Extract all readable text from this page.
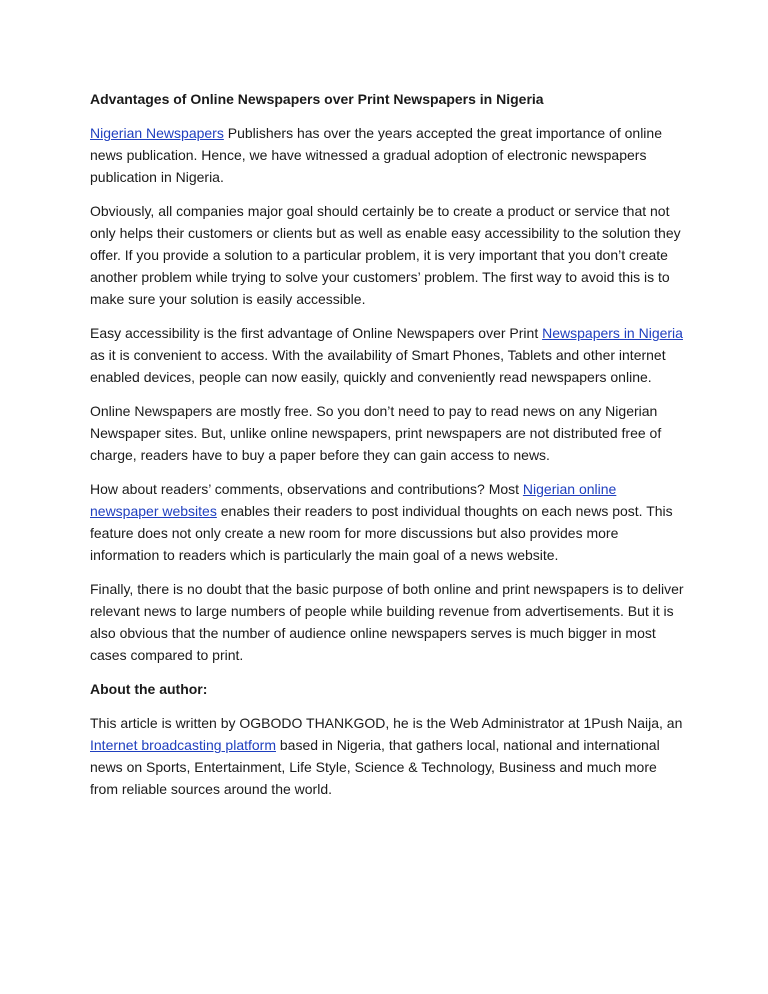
Advantages of Online Newspapers over Print Newspapers in Nigeria

Nigerian Newspapers Publishers has over the years accepted the great importance of online news publication. Hence, we have witnessed a gradual adoption of electronic newspapers publication in Nigeria.

Obviously, all companies major goal should certainly be to create a product or service that not only helps their customers or clients but as well as enable easy accessibility to the solution they offer. If you provide a solution to a particular problem, it is very important that you don’t create another problem while trying to solve your customers’ problem. The first way to avoid this is to make sure your solution is easily accessible.

Easy accessibility is the first advantage of Online Newspapers over Print Newspapers in Nigeria as it is convenient to access. With the availability of Smart Phones, Tablets and other internet enabled devices, people can now easily, quickly and conveniently read newspapers online.

Online Newspapers are mostly free. So you don’t need to pay to read news on any Nigerian Newspaper sites. But, unlike online newspapers, print newspapers are not distributed free of charge, readers have to buy a paper before they can gain access to news.

How about readers’ comments, observations and contributions? Most Nigerian online newspaper websites enables their readers to post individual thoughts on each news post. This feature does not only create a new room for more discussions but also provides more information to readers which is particularly the main goal of a news website.

Finally, there is no doubt that the basic purpose of both online and print newspapers is to deliver relevant news to large numbers of people while building revenue from advertisements. But it is also obvious that the number of audience online newspapers serves is much bigger in most cases compared to print.

About the author:

This article is written by OGBODO THANKGOD, he is the Web Administrator at 1Push Naija, an Internet broadcasting platform based in Nigeria, that gathers local, national and international news on Sports, Entertainment, Life Style, Science & Technology, Business and much more from reliable sources around the world.
